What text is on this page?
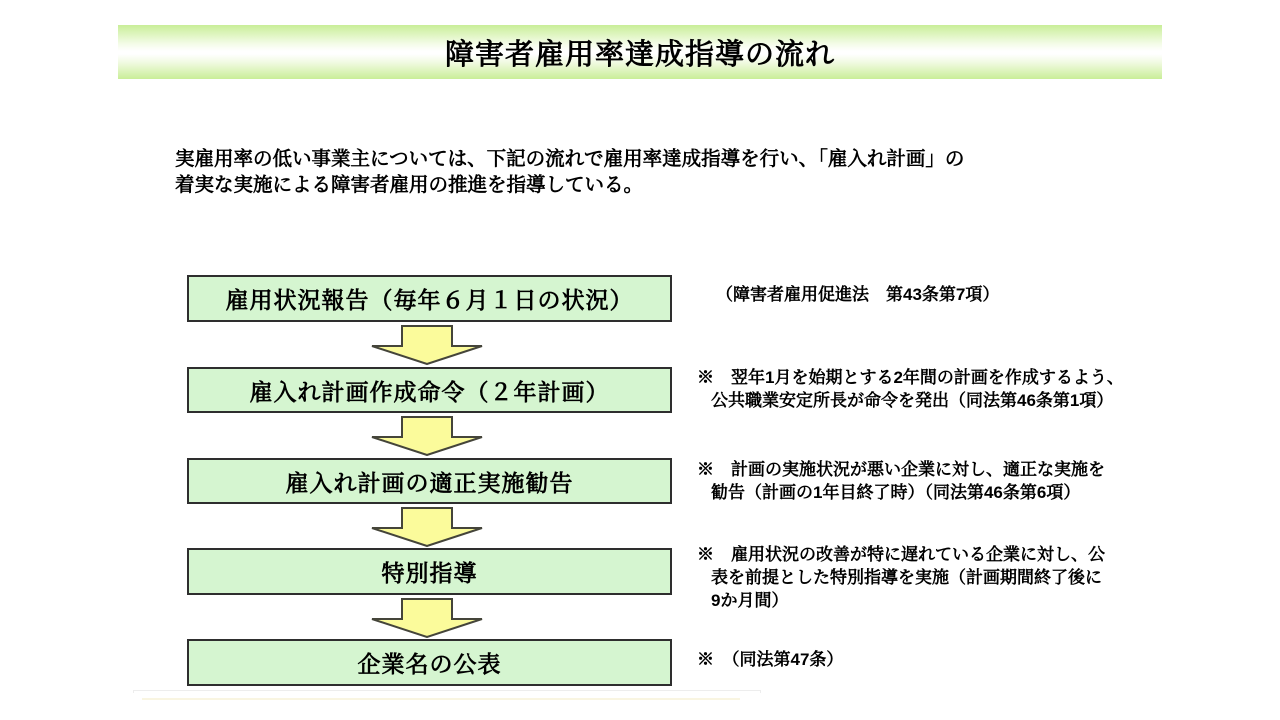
障害者雇用率達成指導の流れ
実雇用率の低い事業主については、下記の流れで雇用率達成指導を行い、「雇入れ計画」の
着実な実施による障害者雇用の推進を指導している。
雇用状況報告（毎年６月１日の状況）
雇入れ計画作成命令（２年計画）
雇入れ計画の適正実施勧告
特別指導
企業名の公表
（障害者雇用促進法　第43条第7項）
※　翌年1月を始期とする2年間の計画を作成するよう、
公共職業安定所長が命令を発出（同法第46条第1項）
※　計画の実施状況が悪い企業に対し、適正な実施を
勧告（計画の1年目終了時）（同法第46条第6項）
※　雇用状況の改善が特に遅れている企業に対し、公
表を前提とした特別指導を実施（計画期間終了後に
9か月間）
※　（同法第47条）
